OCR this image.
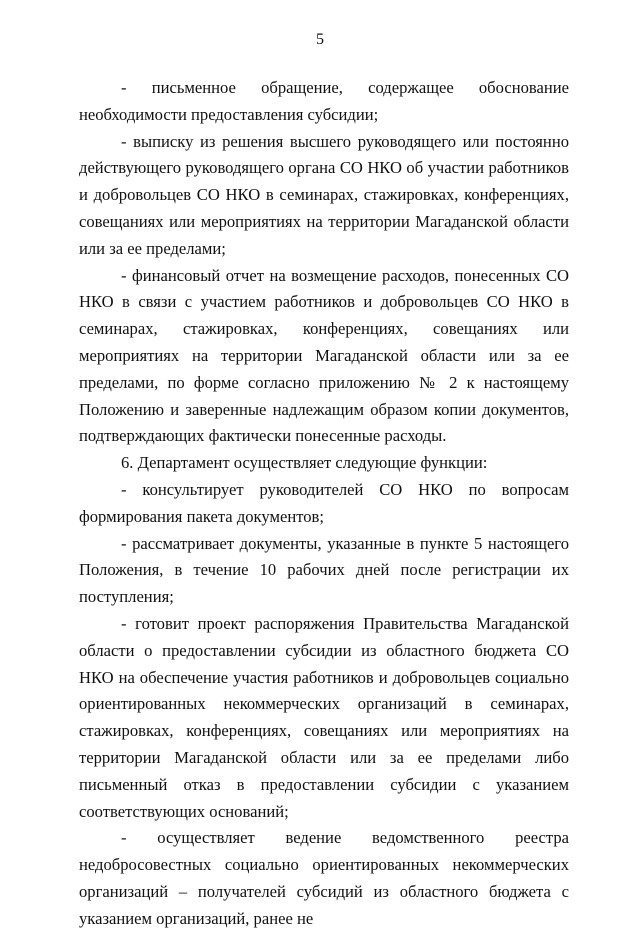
5

- письменное обращение, содержащее обоснование необходимости предоставления субсидии;

- выписку из решения высшего руководящего или постоянно действующего руководящего органа СО НКО об участии работников и добровольцев СО НКО в семинарах, стажировках, конференциях, совещаниях или мероприятиях на территории Магаданской области или за ее пределами;

- финансовый отчет на возмещение расходов, понесенных СО НКО в связи с участием работников и добровольцев СО НКО в семинарах, стажировках, конференциях, совещаниях или мероприятиях на территории Магаданской области или за ее пределами, по форме согласно приложению № 2 к настоящему Положению и заверенные надлежащим образом копии документов, подтверждающих фактически понесенные расходы.

6. Департамент осуществляет следующие функции:

- консультирует руководителей СО НКО по вопросам формирования пакета документов;

- рассматривает документы, указанные в пункте 5 настоящего Положения, в течение 10 рабочих дней после регистрации их поступления;

- готовит проект распоряжения Правительства Магаданской области о предоставлении субсидии из областного бюджета СО НКО на обеспечение участия работников и добровольцев социально ориентированных некоммерческих организаций в семинарах, стажировках, конференциях, совещаниях или мероприятиях на территории Магаданской области или за ее пределами либо письменный отказ в предоставлении субсидии с указанием соответствующих оснований;

- осуществляет ведение ведомственного реестра недобросовестных социально ориентированных некоммерческих организаций – получателей субсидий из областного бюджета с указанием организаций, ранее не
